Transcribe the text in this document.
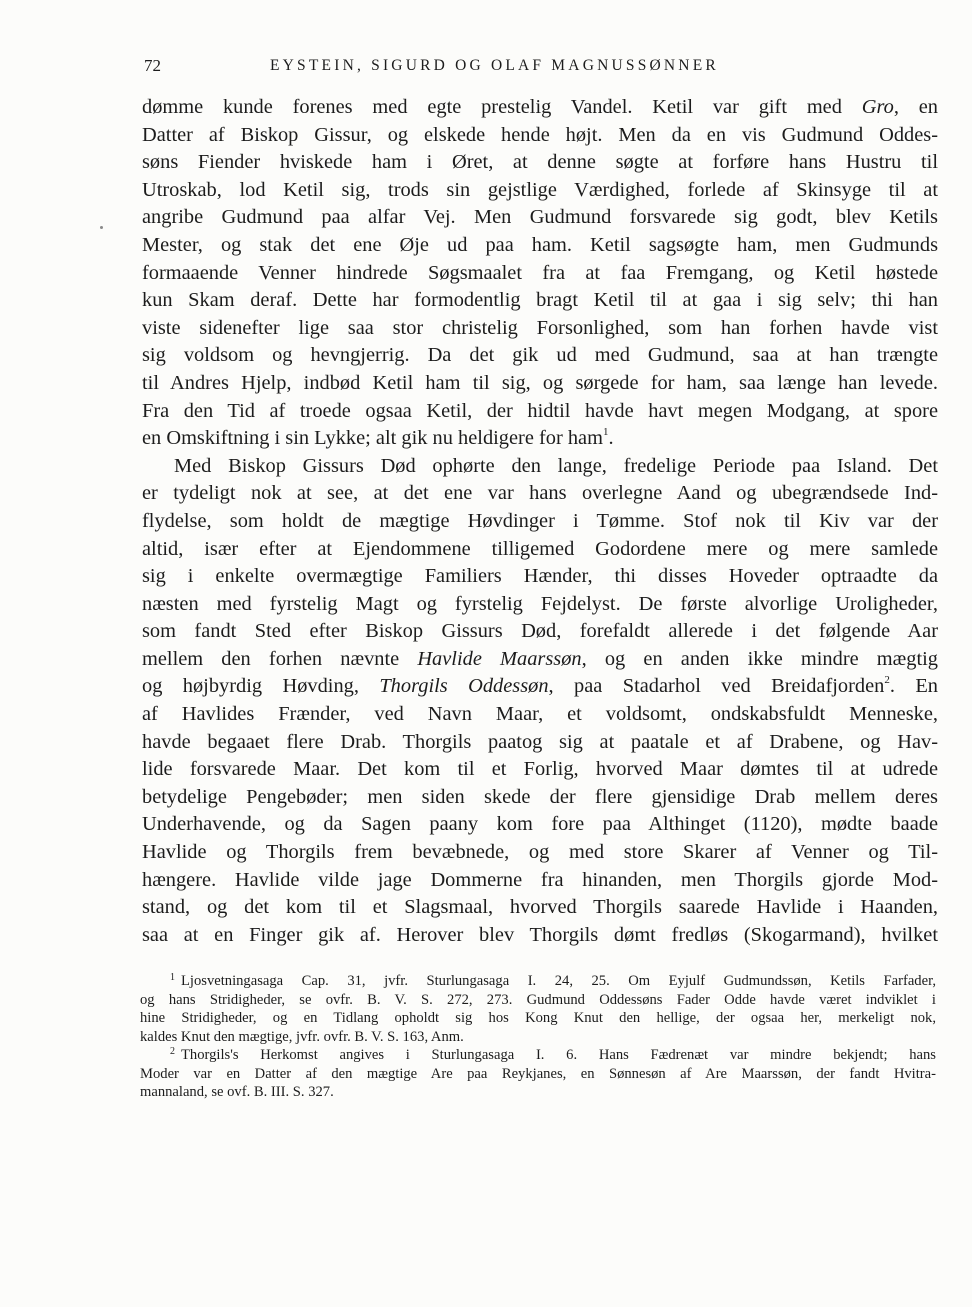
72	EYSTEIN, SIGURD OG OLAF MAGNUSSØNNER
dømme kunde forenes med egte prestelig Vandel. Ketil var gift med Gro, en
Datter af Biskop Gissur, og elskede hende højt. Men da en vis Gudmund Oddes-
søns Fiender hviskede ham i Øret, at denne søgte at forføre hans Hustru til
Utroskab, lod Ketil sig, trods sin gejstlige Værdighed, forlede af Skinsyge til at
angribe Gudmund paa alfar Vej. Men Gudmund forsvarede sig godt, blev Ketils
Mester, og stak det ene Øje ud paa ham. Ketil sagsøgte ham, men Gudmunds
formaaende Venner hindrede Søgsmaalet fra at faa Fremgang, og Ketil høstede
kun Skam deraf. Dette har formodentlig bragt Ketil til at gaa i sig selv; thi han
viste sidenefter lige saa stor christelig Forsonlighed, som han forhen havde vist
sig voldsom og hevngjerrig. Da det gik ud med Gudmund, saa at han trængte
til Andres Hjelp, indbød Ketil ham til sig, og sørgede for ham, saa længe han levede.
Fra den Tid af troede ogsaa Ketil, der hidtil havde havt megen Modgang, at spore
en Omskiftning i sin Lykke; alt gik nu heldigere for ham$^1$.
Med Biskop Gissurs Død ophørte den lange, fredelige Periode paa Island. Det
er tydeligt nok at see, at det ene var hans overlegne Aand og ubegrændsede Ind-
flydelse, som holdt de mægtige Høvdinger i Tømme. Stof nok til Kiv var der
altid, især efter at Ejendommene tilligemed Godordene mere og mere samlede
sig i enkelte overmægtige Familiers Hænder, thi disses Hoveder optraadte da
næsten med fyrstelig Magt og fyrstelig Fejdelyst. De første alvorlige Uroligheder,
som fandt Sted efter Biskop Gissurs Død, forefaldt allerede i det følgende Aar
mellem den forhen nævnte Havlide Maarssøn, og en anden ikke mindre mægtig
og højbyrdig Høvding, Thorgils Oddessøn, paa Stadarhol ved Breidafjorden$^2$. En
af Havlides Frænder, ved Navn Maar, et voldsomt, ondskabsfuldt Menneske,
havde begaaet flere Drab. Thorgils paatog sig at paatale et af Drabene, og Hav-
lide forsvarede Maar. Det kom til et Forlig, hvorved Maar dømtes til at udrede
betydelige Pengebøder; men siden skede der flere gjensidige Drab mellem deres
Underhavende, og da Sagen paany kom fore paa Althinget (1120), mødte baade
Havlide og Thorgils frem bevæbnede, og med store Skarer af Venner og Til-
hængere. Havlide vilde jage Dommerne fra hinanden, men Thorgils gjorde Mod-
stand, og det kom til et Slagsmaal, hvorved Thorgils saarede Havlide i Haanden,
saa at en Finger gik af. Herover blev Thorgils dømt fredløs (Skogarmand), hvilket
$^1$ Ljosvetningasaga Cap. 31, jvfr. Sturlungasaga I. 24, 25. Om Eyjulf Gudmundssøn, Ketils Farfader,
og hans Stridigheder, se ovfr. B. V. S. 272, 273. Gudmund Oddessøns Fader Odde havde været indviklet i
hine Stridigheder, og en Tidlang opholdt sig hos Kong Knut den hellige, der ogsaa her, merkeligt nok,
kaldes Knut den mægtige, jvfr. ovfr. B. V. S. 163, Anm.
$^2$ Thorgils's Herkomst angives i Sturlungasaga I. 6. Hans Fædrenæt var mindre bekjendt; hans
Moder var en Datter af den mægtige Are paa Reykjanes, en Sønnesøn af Are Maarssøn, der fandt Hvitra-
mannaland, se ovf. B. III. S. 327.
